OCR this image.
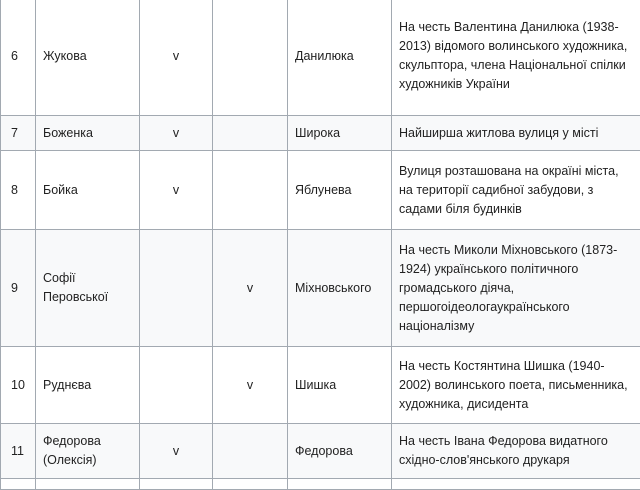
6	Жукова	v		Данилюка	На честь Валентина Данилюка (1938-2013) відомого волинського художника, скульптора, члена Національної спілки художників України
7	Боженка	v		Широка	Найширша житлова вулиця у місті
8	Бойка	v		Яблунева	Вулиця розташована на окраїні міста, на території садибної забудови, з садами біля будинків
9	Софії Перовської		v	Міхновського	На честь Миколи Міхновського (1873-1924) українського політичного громадського діяча, першогоідеологаукраїнського націоналізму
10	Руднєва		v	Шишка	На честь Костянтина Шишка (1940-2002) волинського поета, письменника, художника, дисидента
11	Федорова (Олексія)	v		Федорова	На честь Івана Федорова видатного східно-слов'янського друкаря
